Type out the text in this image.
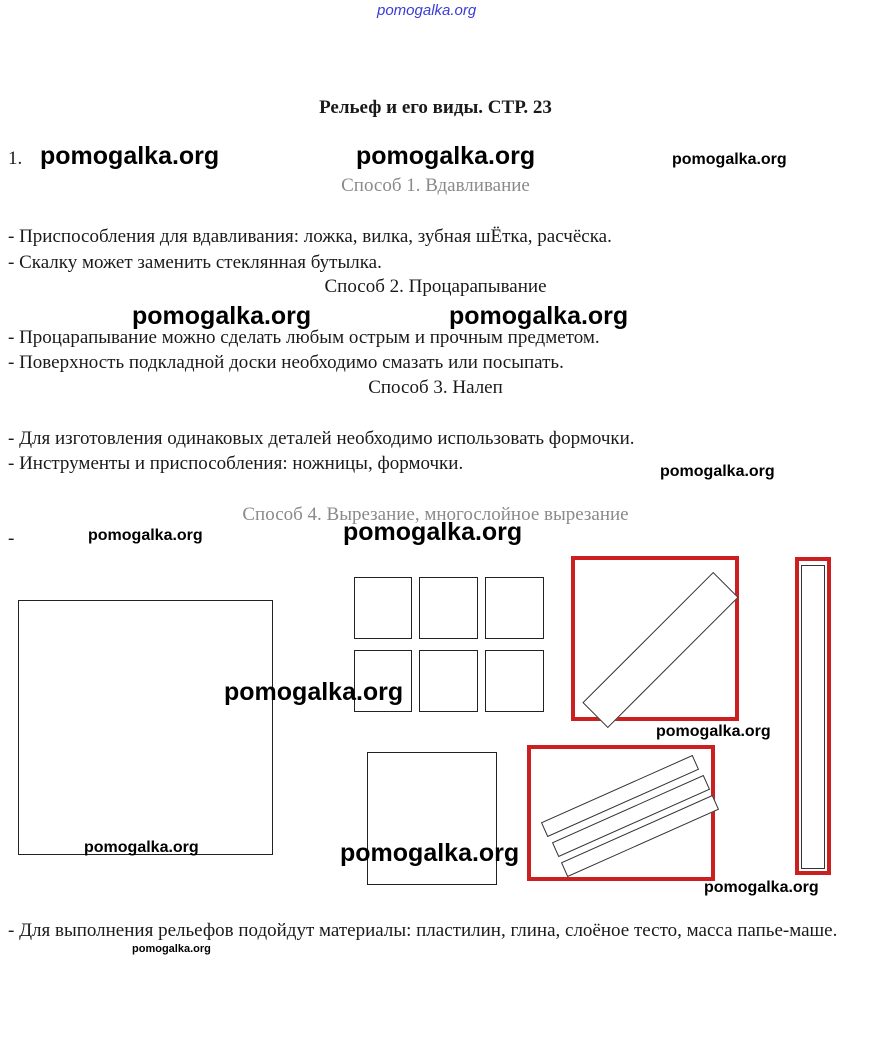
pomogalka.org
Рельеф и его виды. СТР. 23
1. pomogalka.org	pomogalka.org	pomogalka.org
Способ 1. Вдавливание
- Приспособления для вдавливания: ложка, вилка, зубная шЁтка, расчёска.
- Скалку может заменить стеклянная бутылка.
Способ 2. Процарапывание
- Процарапывание можно сделать любым острым и прочным предметом.
- Поверхность подкладной доски необходимо смазать или посыпать.
pomogalka.org	pomogalka.org
Способ 3. Налеп
- Для изготовления одинаковых деталей необходимо использовать формочки.
- Инструменты и приспособления: ножницы, формочки.	pomogalka.org
Способ 4. Вырезание, многослойное вырезание
-	pomogalka.org	pomogalka.org
pomogalka.org
pomogalka.org
pomogalka.org	pomogalka.org
pomogalka.org
- Для выполнения рельефов подойдут материалы: пластилин, глина, слоёное тесто, масса папье-маше.
pomogalka.org
